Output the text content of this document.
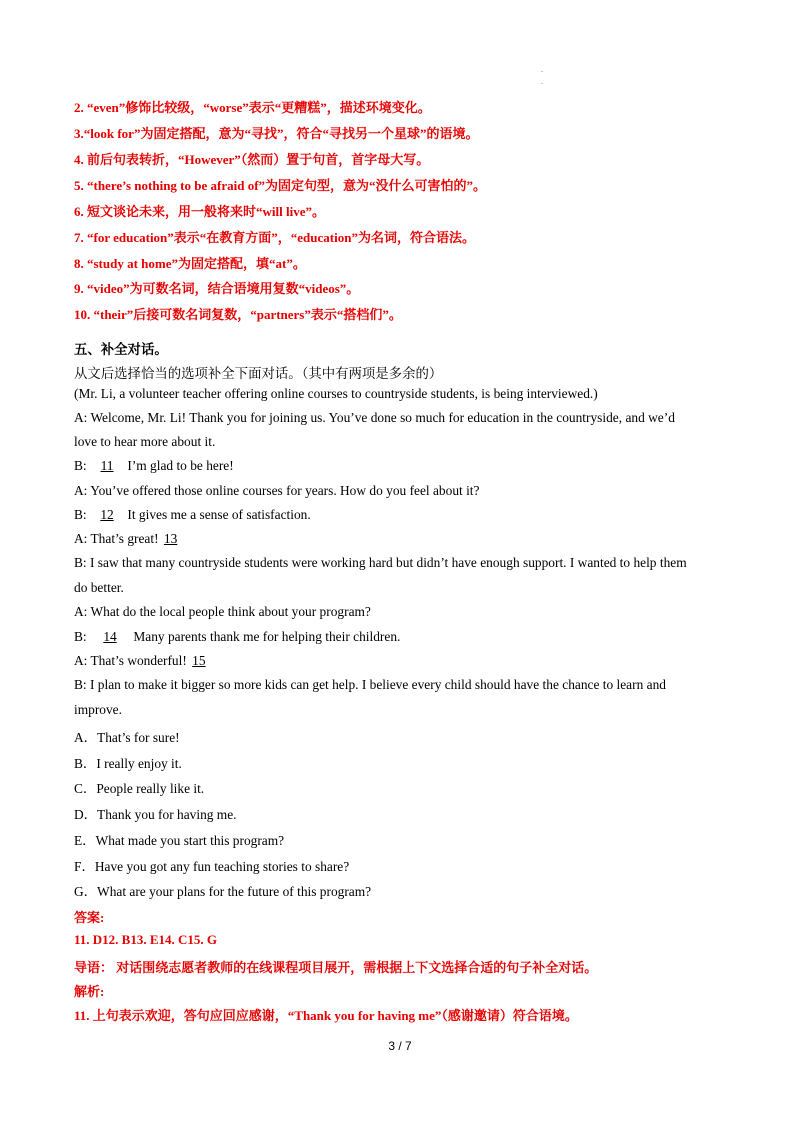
.
.
2. “even”修饰比较级，“worse”表示“更糟糕”，描述环境变化。
3.“look for”为固定搭配，意为“寻找”，符合“寻找另一个星球”的语境。
4. 前后句表转折，“However”（然而）置于句首，首字母大写。
5. “there’s nothing to be afraid of”为固定句型，意为“没什么可害怕的”。
6. 短文谈论未来，用一般将来时“will live”。
7. “for education”表示“在教育方面”，“education”为名词，符合语法。
8. “study at home”为固定搭配，填“at”。
9. “video”为可数名词，结合语境用复数“videos”。
10. “their”后接可数名词复数，“partners”表示“搭档们”。
五、补全对话。
从文后选择恰当的选项补全下面对话。（其中有两项是多余的）
(Mr. Li, a volunteer teacher offering online courses to countryside students, is being interviewed.)
A: Welcome, Mr. Li! Thank you for joining us. You’ve done so much for education in the countryside, and we’d
love to hear more about it.
B: 11 I’m glad to be here!
A: You’ve offered those online courses for years. How do you feel about it?
B: 12 It gives me a sense of satisfaction.
A: That’s great! 13
B: I saw that many countryside students were working hard but didn’t have enough support. I wanted to help them
do better.
A: What do the local people think about your program?
B: 14 Many parents thank me for helping their children.
A: That’s wonderful! 15
B: I plan to make it bigger so more kids can get help. I believe every child should have the chance to learn and
improve.
A．That’s for sure!
B．I really enjoy it.
C．People really like it.
D．Thank you for having me.
E．What made you start this program?
F．Have you got any fun teaching stories to share?
G．What are your plans for the future of this program?
答案:
11. D12. B13. E14. C15. G
导语： 对话围绕志愿者教师的在线课程项目展开，需根据上下文选择合适的句子补全对话。
解析:
11. 上句表示欢迎，答句应回应感谢，“Thank you for having me”（感谢邀请）符合语境。
3 / 7
